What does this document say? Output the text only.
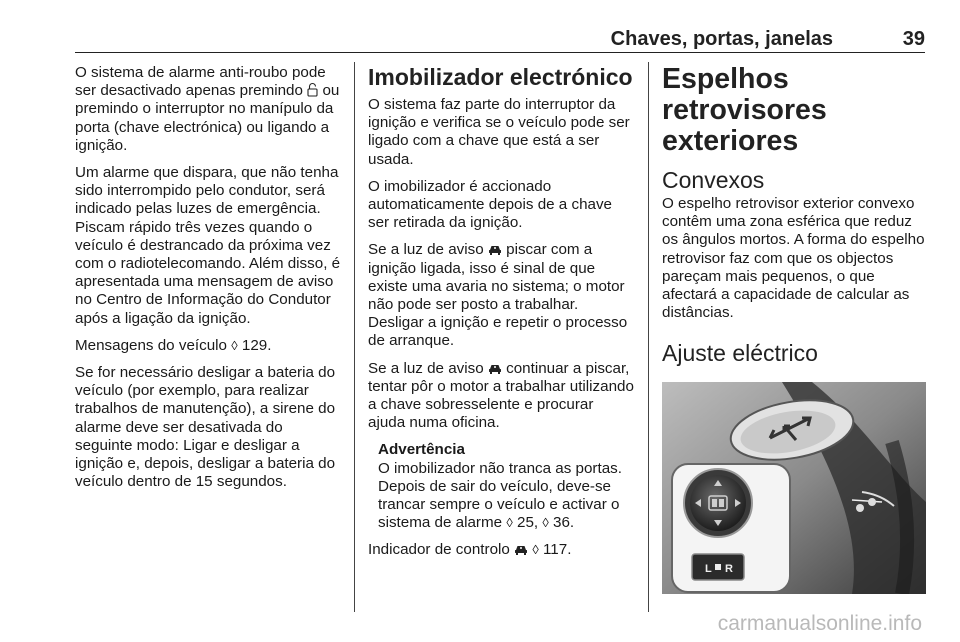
Chaves, portas, janelas	39

O sistema de alarme anti-roubo pode ser desactivado apenas premindo ou premindo o interruptor no manípulo da porta (chave electrónica) ou ligando a ignição.

Um alarme que dispara, que não tenha sido interrompido pelo condutor, será indicado pelas luzes de emergência. Piscam rápido três vezes quando o veículo é destrancado da próxima vez com o radiotelecomando. Além disso, é apresentada uma mensagem de aviso no Centro de Informação do Condutor após a ligação da ignição.

Mensagens do veículo ◊ 129.

Se for necessário desligar a bateria do veículo (por exemplo, para realizar trabalhos de manutenção), a sirene do alarme deve ser desativada do seguinte modo: Ligar e desligar a ignição e, depois, desligar a bateria do veículo dentro de 15 segundos.

Imobilizador electrónico

O sistema faz parte do interruptor da ignição e verifica se o veículo pode ser ligado com a chave que está a ser usada.

O imobilizador é accionado automaticamente depois de a chave ser retirada da ignição.

Se a luz de aviso piscar com a ignição ligada, isso é sinal de que existe uma avaria no sistema; o motor não pode ser posto a trabalhar. Desligar a ignição e repetir o processo de arranque.

Se a luz de aviso continuar a piscar, tentar pôr o motor a trabalhar utilizando a chave sobresselente e procurar ajuda numa oficina.

Advertência
O imobilizador não tranca as portas. Depois de sair do veículo, deve-se trancar sempre o veículo e activar o sistema de alarme ◊ 25, ◊ 36.

Indicador de controlo ◊ 117.

Espelhos retrovisores exteriores
Convexos

O espelho retrovisor exterior convexo contêm uma zona esférica que reduz os ângulos mortos. A forma do espelho retrovisor faz com que os objectos pareçam mais pequenos, o que afectará a capacidade de calcular as distâncias.

Ajuste eléctrico
L R
carmanualsonline.info
